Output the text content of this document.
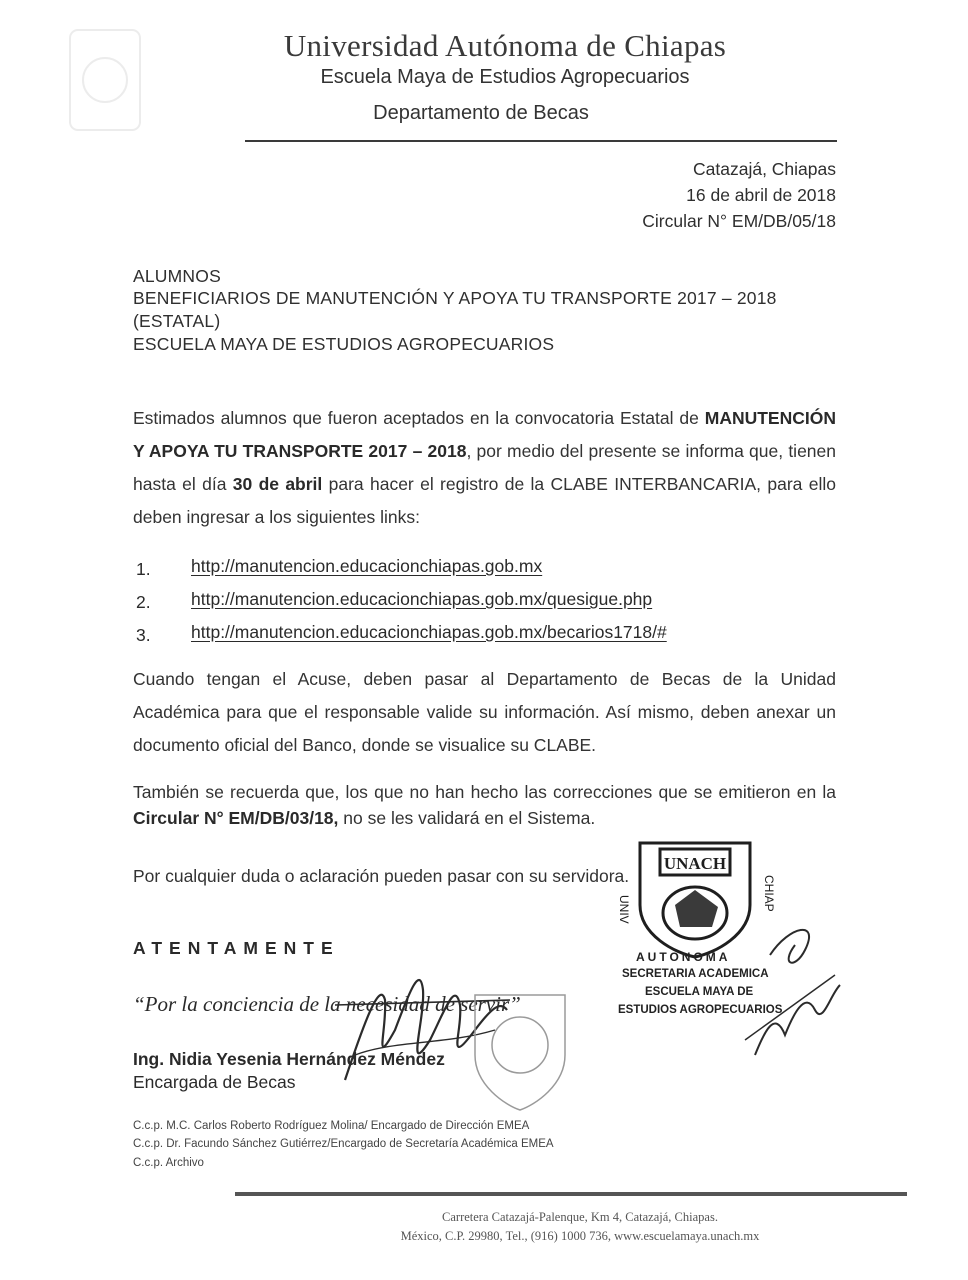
Universidad Autónoma de Chiapas
Escuela Maya de Estudios Agropecuarios
Departamento de Becas
Catazajá, Chiapas
16 de abril de 2018
Circular N° EM/DB/05/18
ALUMNOS
BENEFICIARIOS DE MANUTENCIÓN Y APOYA TU TRANSPORTE 2017 – 2018
(ESTATAL)
ESCUELA MAYA DE ESTUDIOS AGROPECUARIOS
Estimados alumnos que fueron aceptados en la convocatoria Estatal de MANUTENCIÓN Y APOYA TU TRANSPORTE 2017 – 2018, por medio del presente se informa que, tienen hasta el día 30 de abril para hacer el registro de la CLABE INTERBANCARIA, para ello deben ingresar a los siguientes links:
1. http://manutencion.educacionchiapas.gob.mx
2. http://manutencion.educacionchiapas.gob.mx/quesigue.php
3. http://manutencion.educacionchiapas.gob.mx/becarios1718/#
Cuando tengan el Acuse, deben pasar al Departamento de Becas de la Unidad Académica para que el responsable valide su información. Así mismo, deben anexar un documento oficial del Banco, donde se visualice su CLABE.
También se recuerda que, los que no han hecho las correcciones que se emitieron en la Circular N° EM/DB/03/18, no se les validará en el Sistema.
Por cualquier duda o aclaración pueden pasar con su servidora.
ATENTAMENTE
“Por la conciencia de la necesidad de servir”
Ing. Nidia Yesenia Hernández Méndez
Encargada de Becas
C.c.p. M.C. Carlos Roberto Rodríguez Molina/ Encargado de Dirección EMEA
C.c.p. Dr. Facundo Sánchez Gutiérrez/Encargado de Secretaría Académica EMEA
C.c.p. Archivo
UNACH
UNIV	CHIAP
AUTONOMA
SECRETARIA ACADEMICA
ESCUELA MAYA DE
ESTUDIOS AGROPECUARIOS
Carretera Catazajá-Palenque, Km 4, Catazajá, Chiapas.
México, C.P. 29980, Tel., (916) 1000 736, www.escuelamaya.unach.mx
